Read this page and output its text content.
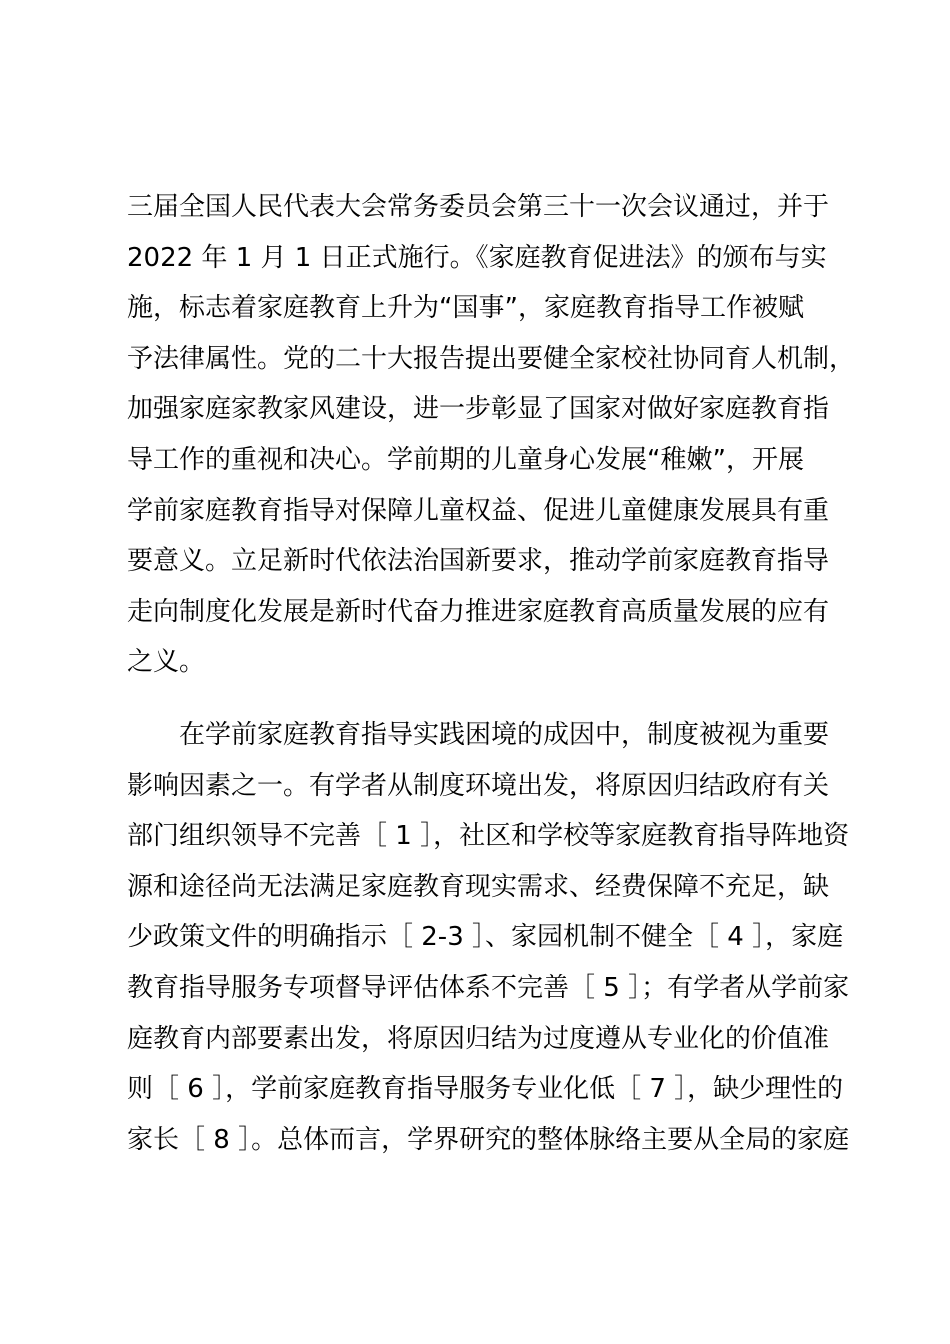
三届全国人民代表大会常务委员会第三十一次会议通过，并于
2022 年 1 月 1 日正式施行。《家庭教育促进法》的颁布与实
施，标志着家庭教育上升为“国事”，家庭教育指导工作被赋
予法律属性。党的二十大报告提出要健全家校社协同育人机制，
加强家庭家教家风建设，进一步彰显了国家对做好家庭教育指
导工作的重视和决心。学前期的儿童身心发展“稚嫩”，开展
学前家庭教育指导对保障儿童权益、促进儿童健康发展具有重
要意义。立足新时代依法治国新要求，推动学前家庭教育指导
走向制度化发展是新时代奋力推进家庭教育高质量发展的应有
之义。
在学前家庭教育指导实践困境的成因中，制度被视为重要
影响因素之一。有学者从制度环境出发，将原因归结政府有关
部门组织领导不完善［ 1 ］，社区和学校等家庭教育指导阵地资
源和途径尚无法满足家庭教育现实需求、经费保障不充足，缺
少政策文件的明确指示［ 2-3 ］、家园机制不健全［ 4 ］，家庭
教育指导服务专项督导评估体系不完善［ 5 ］；有学者从学前家
庭教育内部要素出发，将原因归结为过度遵从专业化的价值准
则［ 6 ］，学前家庭教育指导服务专业化低［ 7 ］，缺少理性的
家长［ 8 ］。总体而言，学界研究的整体脉络主要从全局的家庭
